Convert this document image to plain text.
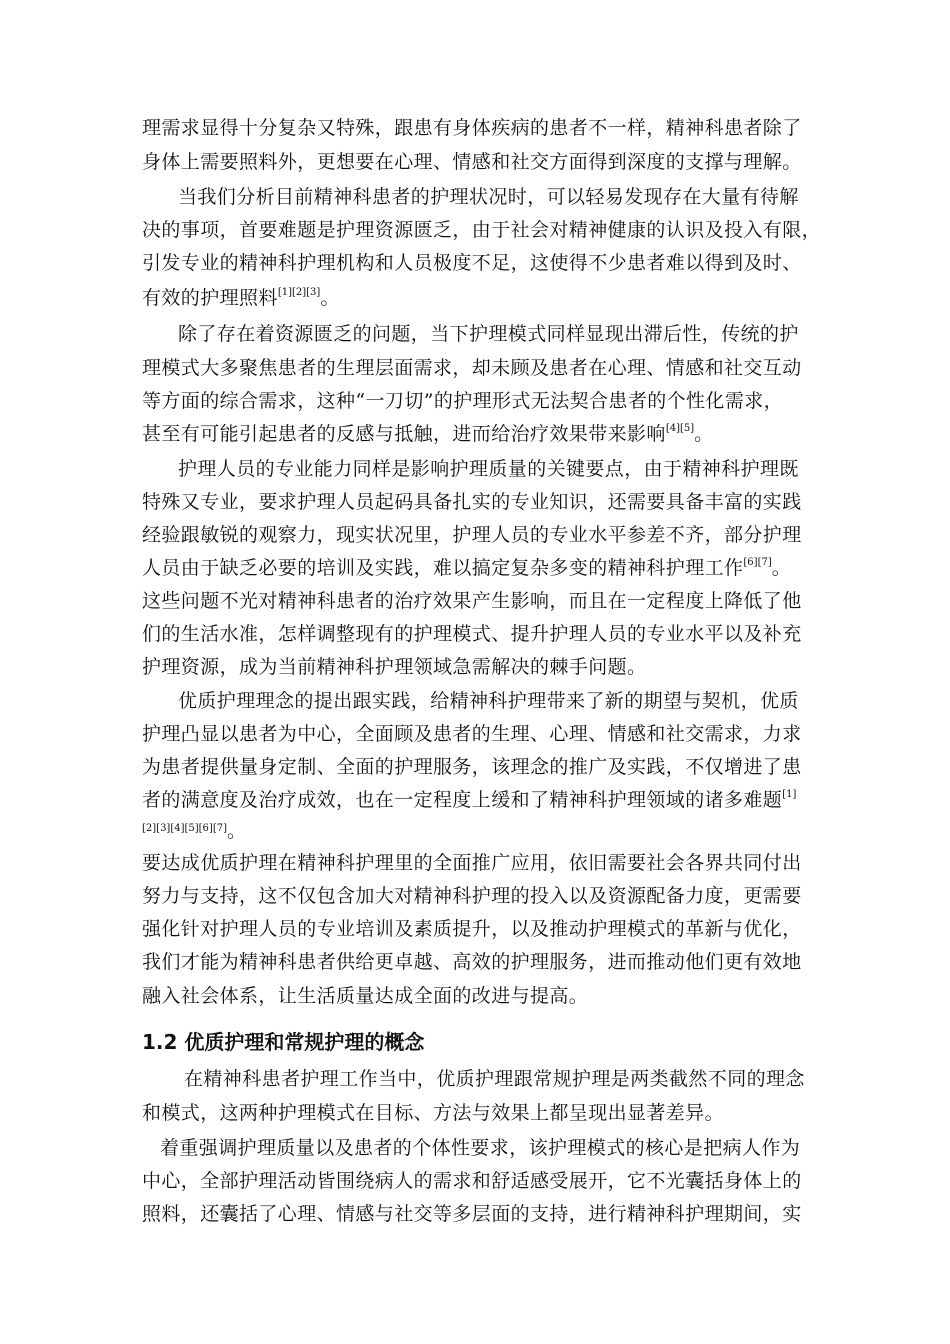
理需求显得十分复杂又特殊，跟患有身体疾病的患者不一样，精神科患者除了
身体上需要照料外，更想要在心理、情感和社交方面得到深度的支撑与理解。
当我们分析目前精神科患者的护理状况时，可以轻易发现存在大量有待解
决的事项，首要难题是护理资源匮乏，由于社会对精神健康的认识及投入有限，
引发专业的精神科护理机构和人员极度不足，这使得不少患者难以得到及时、
有效的护理照料[1][2][3]。
除了存在着资源匮乏的问题，当下护理模式同样显现出滞后性，传统的护
理模式大多聚焦患者的生理层面需求，却未顾及患者在心理、情感和社交互动
等方面的综合需求，这种“一刀切”的护理形式无法契合患者的个性化需求，
甚至有可能引起患者的反感与抵触，进而给治疗效果带来影响[4][5]。
护理人员的专业能力同样是影响护理质量的关键要点，由于精神科护理既
特殊又专业，要求护理人员起码具备扎实的专业知识，还需要具备丰富的实践
经验跟敏锐的观察力，现实状况里，护理人员的专业水平参差不齐，部分护理
人员由于缺乏必要的培训及实践，难以搞定复杂多变的精神科护理工作[6][7]。
这些问题不光对精神科患者的治疗效果产生影响，而且在一定程度上降低了他
们的生活水准，怎样调整现有的护理模式、提升护理人员的专业水平以及补充
护理资源，成为当前精神科护理领域急需解决的棘手问题。
优质护理理念的提出跟实践，给精神科护理带来了新的期望与契机，优质
护理凸显以患者为中心，全面顾及患者的生理、心理、情感和社交需求，力求
为患者提供量身定制、全面的护理服务，该理念的推广及实践，不仅增进了患
者的满意度及治疗成效，也在一定程度上缓和了精神科护理领域的诸多难题[1]
[2][3][4][5][6][7]。
要达成优质护理在精神科护理里的全面推广应用，依旧需要社会各界共同付出
努力与支持，这不仅包含加大对精神科护理的投入以及资源配备力度，更需要
强化针对护理人员的专业培训及素质提升，以及推动护理模式的革新与优化，
我们才能为精神科患者供给更卓越、高效的护理服务，进而推动他们更有效地
融入社会体系，让生活质量达成全面的改进与提高。
1.2 优质护理和常规护理的概念
在精神科患者护理工作当中，优质护理跟常规护理是两类截然不同的理念
和模式，这两种护理模式在目标、方法与效果上都呈现出显著差异。
着重强调护理质量以及患者的个体性要求，该护理模式的核心是把病人作为
中心，全部护理活动皆围绕病人的需求和舒适感受展开，它不光囊括身体上的
照料，还囊括了心理、情感与社交等多层面的支持，进行精神科护理期间，实
